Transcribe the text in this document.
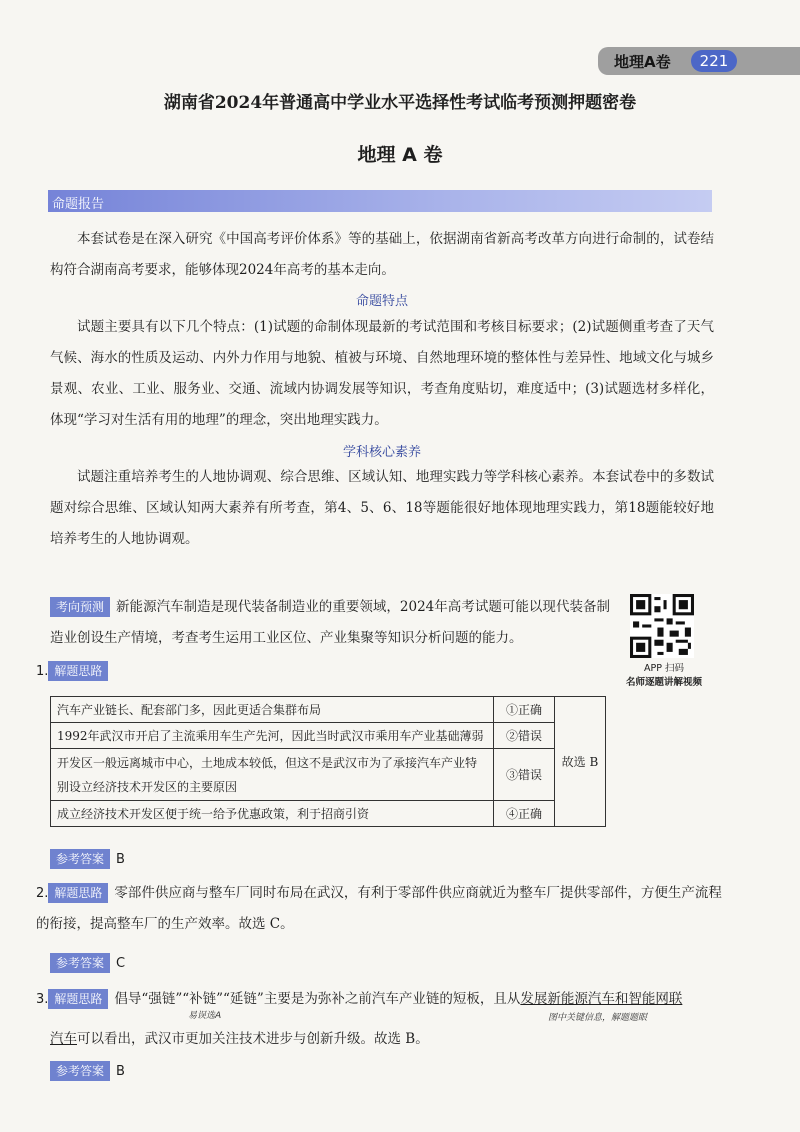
地理A卷	221
湖南省2024年普通高中学业水平选择性考试临考预测押题密卷
地理 A 卷
命题报告
本套试卷是在深入研究《中国高考评价体系》等的基础上，依据湖南省新高考改革方向进行命制的，试卷结构符合湖南高考要求，能够体现2024年高考的基本走向。
命题特点
试题主要具有以下几个特点：(1)试题的命制体现最新的考试范围和考核目标要求；(2)试题侧重考查了天气气候、海水的性质及运动、内外力作用与地貌、植被与环境、自然地理环境的整体性与差异性、地域文化与城乡景观、农业、工业、服务业、交通、流域内协调发展等知识，考查角度贴切，难度适中；(3)试题选材多样化，体现“学习对生活有用的地理”的理念，突出地理实践力。
学科核心素养
试题注重培养考生的人地协调观、综合思维、区域认知、地理实践力等学科核心素养。本套试卷中的多数试题对综合思维、区域认知两大素养有所考查，第4、5、6、18等题能很好地体现地理实践力，第18题能较好地培养考生的人地协调观。
考向预测 新能源汽车制造是现代装备制造业的重要领域，2024年高考试题可能以现代装备制造业创设生产情境，考查考生运用工业区位、产业集聚等知识分析问题的能力。
APP 扫码
名师逐题讲解视频
1. 解题思路
汽车产业链长、配套部门多，因此更适合集群布局	①正确	故选 B
1992年武汉市开启了主流乘用车生产先河，因此当时武汉市乘用车产业基础薄弱	②错误	
开发区一般远离城市中心，土地成本较低，但这不是武汉市为了承接汽车产业特别设立经济技术开发区的主要原因	③错误	
成立经济技术开发区便于统一给予优惠政策，利于招商引资	④正确	
参考答案 B
2. 解题思路 零部件供应商与整车厂同时布局在武汉，有利于零部件供应商就近为整车厂提供零部件，方便生产流程的衔接，提高整车厂的生产效率。故选 C。
参考答案 C
3. 解题思路 倡导“强链”“补链”“延链”主要是为弥补之前汽车产业链的短板，且从发展新能源汽车和智能网联
易误选A	图中关键信息，解题题眼
汽车可以看出，武汉市更加关注技术进步与创新升级。故选 B。
参考答案 B
